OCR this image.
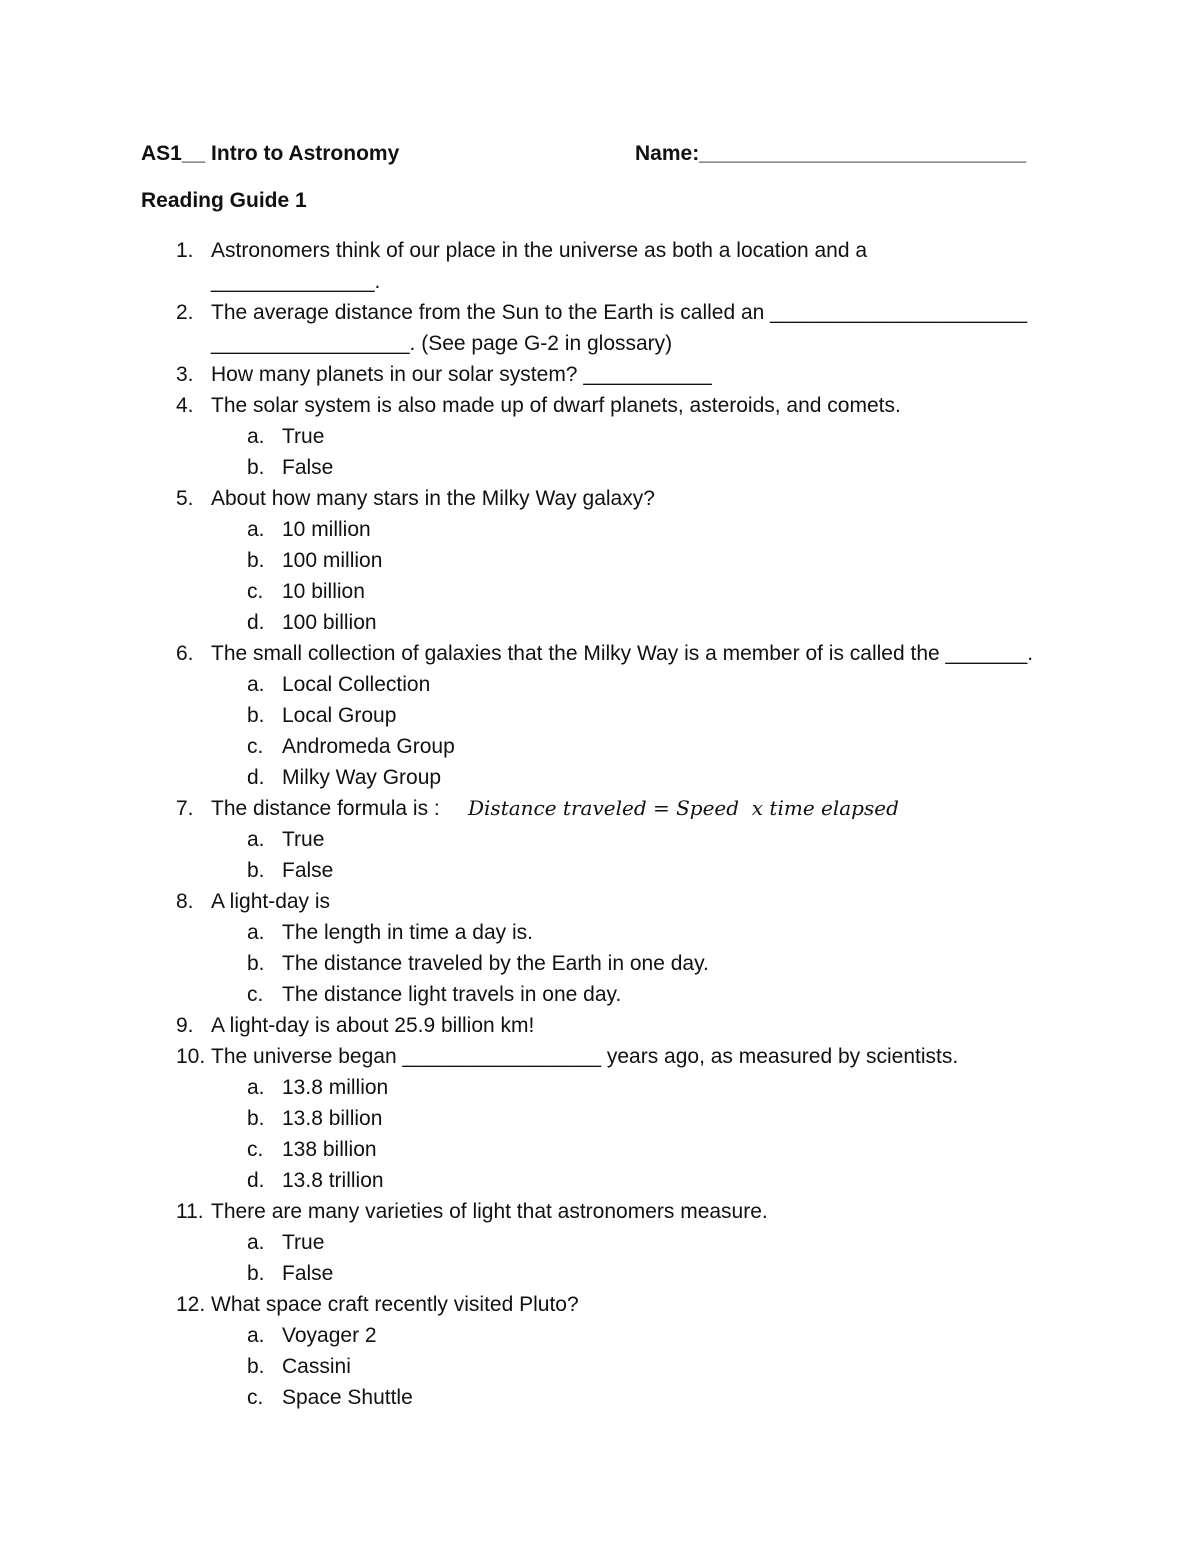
AS1__ Intro to Astronomy	Name:____________________________
Reading Guide 1

1.

Astronomers think of our place in the universe as both a location and a

______________.

2.

The average distance from the Sun to the Earth is called an ______________________

_________________. (See page G-2 in glossary)

3.

How many planets in our solar system? ___________

4.

The solar system is also made up of dwarf planets, asteroids, and comets.

a.

True

b.

False

5.

About how many stars in the Milky Way galaxy?

a.

10 million

b.

100 million

c.

10 billion

d.

100 billion

6.

The small collection of galaxies that the Milky Way is a member of is called the _______.

a.

Local Collection

b.

Local Group

c.

Andromeda Group

d.

Milky Way Group

7.

The distance formula is :

Distance traveled = Speed  x time elapsed

a.

True

b.

False

8.

A light-day is

a.

The length in time a day is.

b.

The distance traveled by the Earth in one day.

c.

The distance light travels in one day.

9.

A light-day is about 25.9 billion km!

10.

The universe began _________________ years ago, as measured by scientists.

a.

13.8 million

b.

13.8 billion

c.

138 billion

d.

13.8 trillion

11.

There are many varieties of light that astronomers measure.

a.

True

b.

False

12.

What space craft recently visited Pluto?

a.

Voyager 2

b.

Cassini

c.

Space Shuttle
